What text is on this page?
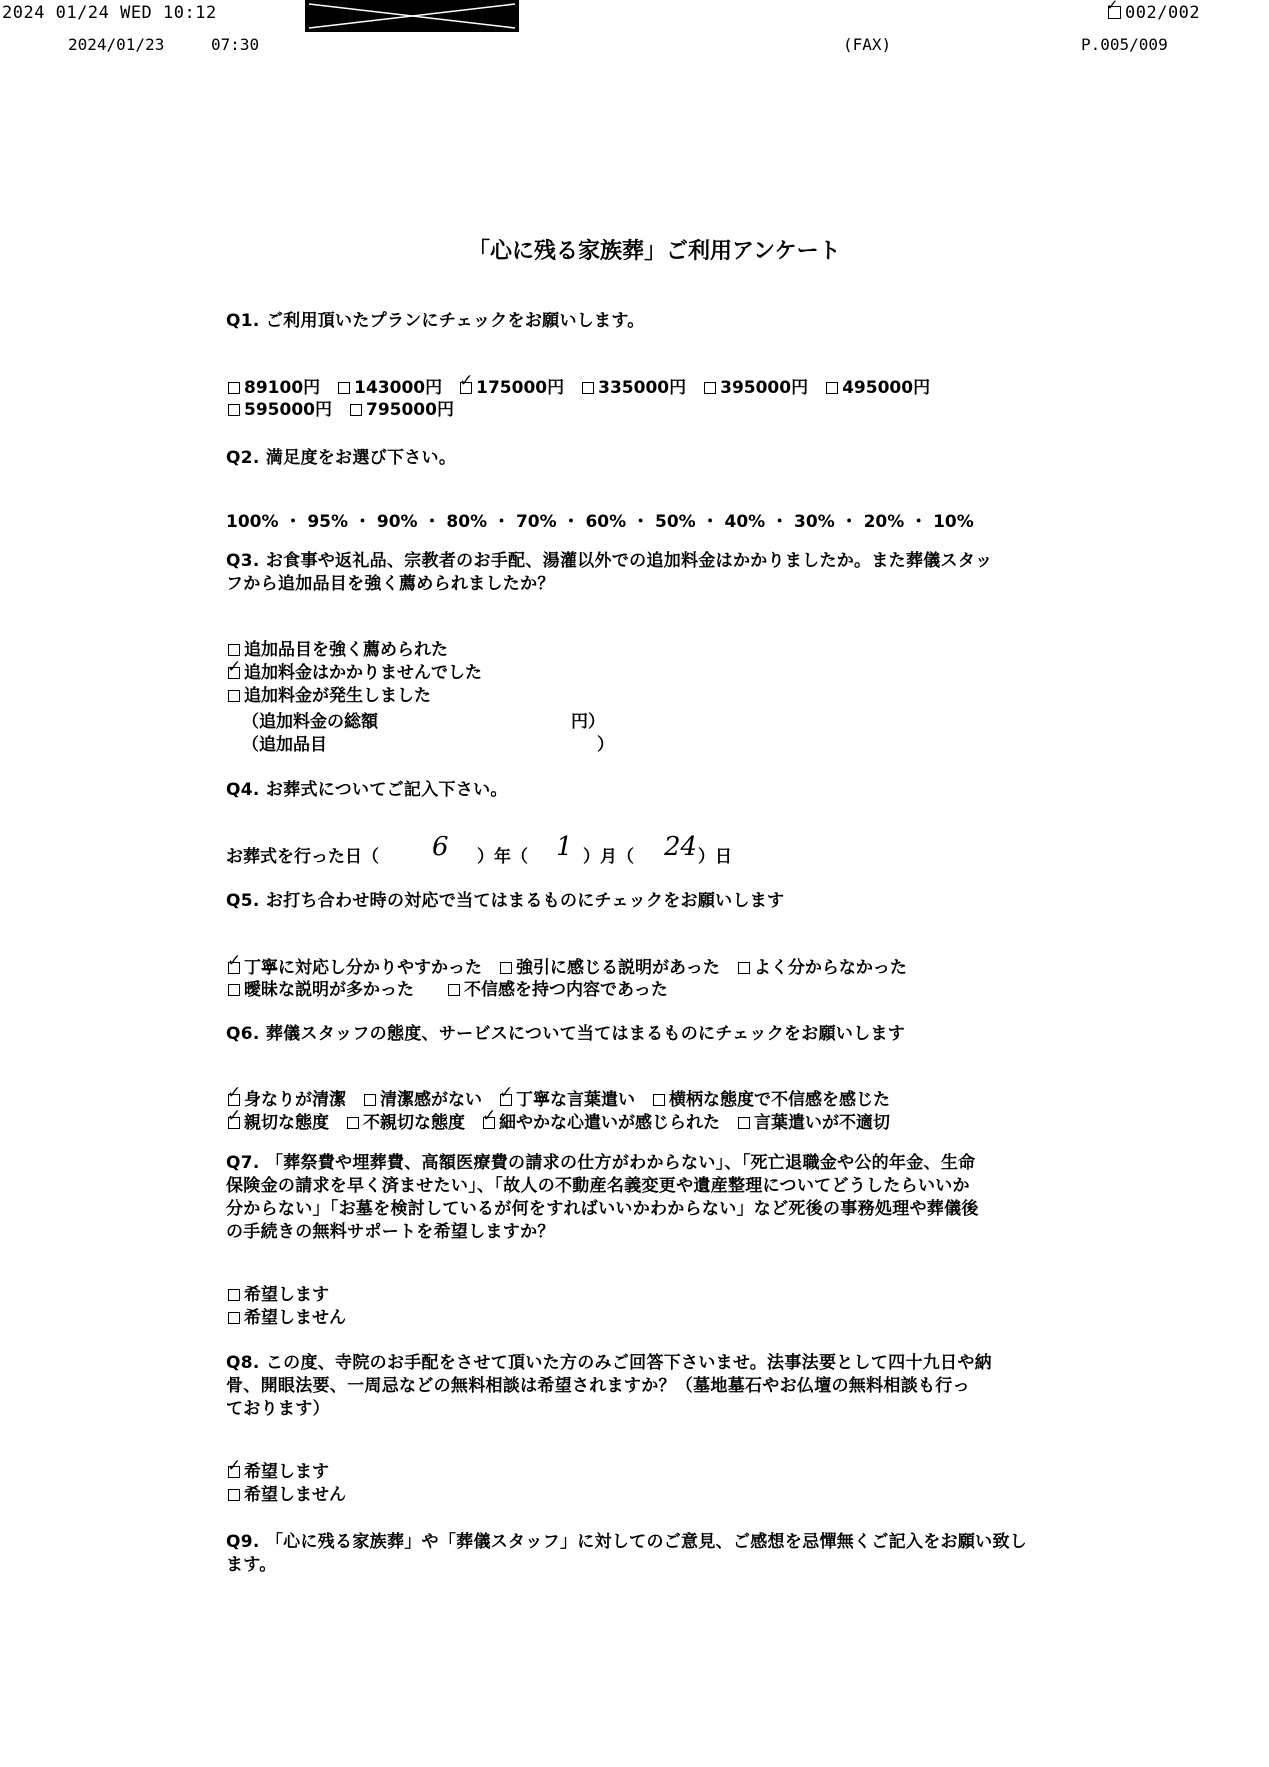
2024 01/24 WED 10:12 ✓	002/002
2024/01/23	07:30	(FAX)	P.005/009
「心に残る家族葬」ご利用アンケート
Q1. ご利用頂いたプランにチェックをお願いします。
89100円 143000円 ✓ 175000円 335000円 395000円 495000円
595000円 795000円
Q2. 満足度をお選び下さい。
100% ・ 95% ・ 90% ・ 80% ・ 70% ・ 60% ・ 50% ・ 40% ・ 30% ・ 20% ・ 10%
Q3. お食事や返礼品、宗教者のお手配、湯灌以外での追加料金はかかりましたか。また葬儀スタッ
フから追加品目を強く薦められましたか？
追加品目を強く薦められた
✓追加料金はかかりませんでした
追加料金が発生しました
（追加料金の総額	円）
（追加品目	）
Q4. お葬式についてご記入下さい。
お葬式を行った日（ 6 ）年（ 1 ）月（ 24 ）日
Q5. お打ち合わせ時の対応で当てはまるものにチェックをお願いします
✓丁寧に対応し分かりやすかった 強引に感じる説明があった よく分からなかった
曖昧な説明が多かった	不信感を持つ内容であった
Q6. 葬儀スタッフの態度、サービスについて当てはまるものにチェックをお願いします
✓身なりが清潔 清潔感がない ✓ 丁寧な言葉遣い 横柄な態度で不信感を感じた
✓親切な態度 不親切な態度 ✓ 細やかな心遣いが感じられた 言葉遣いが不適切
Q7. 「葬祭費や埋葬費、高額医療費の請求の仕方がわからない」、「死亡退職金や公的年金、生命
保険金の請求を早く済ませたい」、「故人の不動産名義変更や遺産整理についてどうしたらいいか
分からない」「お墓を検討しているが何をすればいいかわからない」など死後の事務処理や葬儀後
の手続きの無料サポートを希望しますか？
希望します
希望しません
Q8. この度、寺院のお手配をさせて頂いた方のみご回答下さいませ。法事法要として四十九日や納
骨、開眼法要、一周忌などの無料相談は希望されますか？（墓地墓石やお仏壇の無料相談も行っ
ております）
✓希望します
希望しません
Q9. 「心に残る家族葬」や「葬儀スタッフ」に対してのご意見、ご感想を忌憚無くご記入をお願い致し
ます。
